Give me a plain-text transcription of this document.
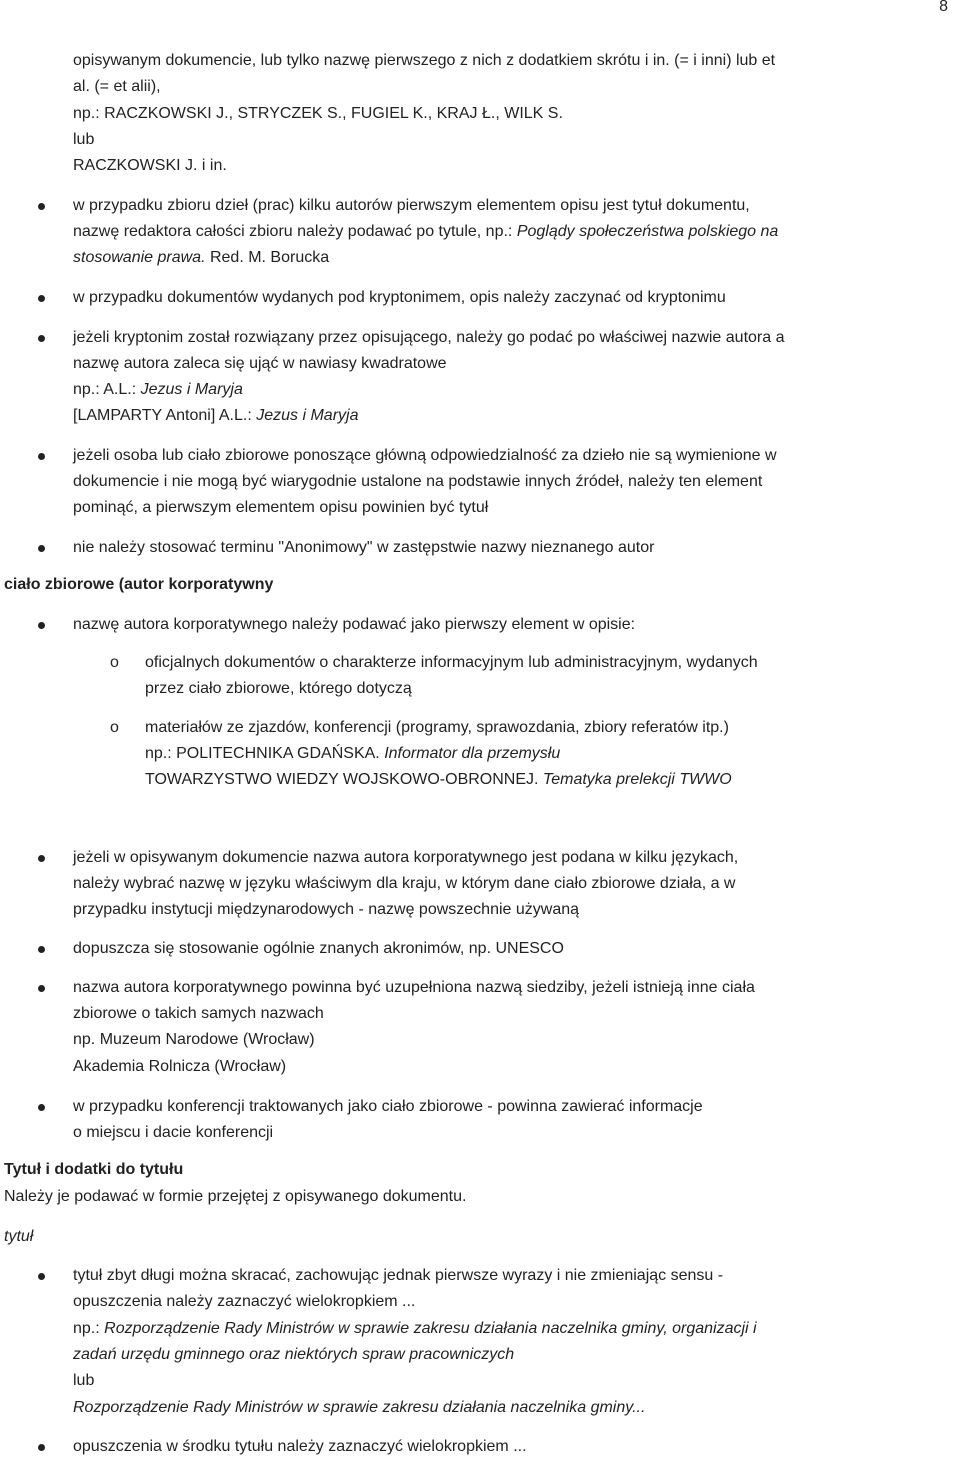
8
opisywanym dokumencie, lub tylko nazwę pierwszego z nich z dodatkiem skrótu i in. (= i inni) lub et
al. (= et alii),
np.: RACZKOWSKI J., STRYCZEK S., FUGIEL K., KRAJ Ł., WILK S.
lub
RACZKOWSKI J. i in.
w przypadku zbioru dzieł (prac) kilku autorów pierwszym elementem opisu jest tytuł dokumentu,
nazwę redaktora całości zbioru należy podawać po tytule, np.: Poglądy społeczeństwa polskiego na
stosowanie prawa. Red. M. Borucka
w przypadku dokumentów wydanych pod kryptonimem, opis należy zaczynać od kryptonimu
jeżeli kryptonim został rozwiązany przez opisującego, należy go podać po właściwej nazwie autora a
nazwę autora zaleca się ująć w nawiasy kwadratowe
np.: A.L.: Jezus i Maryja
[LAMPARTY Antoni] A.L.: Jezus i Maryja
jeżeli osoba lub ciało zbiorowe ponoszące główną odpowiedzialność za dzieło nie są wymienione w
dokumencie i nie mogą być wiarygodnie ustalone na podstawie innych źródeł, należy ten element
pominąć, a pierwszym elementem opisu powinien być tytuł
nie należy stosować terminu "Anonimowy" w zastępstwie nazwy nieznanego autor
ciało zbiorowe (autor korporatywny
nazwę autora korporatywnego należy podawać jako pierwszy element w opisie:
oficjalnych dokumentów o charakterze informacyjnym lub administracyjnym, wydanych
przez ciało zbiorowe, którego dotyczą
materiałów ze zjazdów, konferencji (programy, sprawozdania, zbiory referatów itp.)
np.: POLITECHNIKA GDAŃSKA. Informator dla przemysłu
TOWARZYSTWO WIEDZY WOJSKOWO-OBRONNEJ. Tematyka prelekcji TWWO
jeżeli w opisywanym dokumencie nazwa autora korporatywnego jest podana w kilku językach,
należy wybrać nazwę w języku właściwym dla kraju, w którym dane ciało zbiorowe działa, a w
przypadku instytucji międzynarodowych - nazwę powszechnie używaną
dopuszcza się stosowanie ogólnie znanych akronimów, np. UNESCO
nazwa autora korporatywnego powinna być uzupełniona nazwą siedziby, jeżeli istnieją inne ciała
zbiorowe o takich samych nazwach
np. Muzeum Narodowe (Wrocław)
Akademia Rolnicza (Wrocław)
w przypadku konferencji traktowanych jako ciało zbiorowe - powinna zawierać informacje
o miejscu i dacie konferencji
Tytuł i dodatki do tytułu
Należy je podawać w formie przejętej z opisywanego dokumentu.
tytuł
tytuł zbyt długi można skracać, zachowując jednak pierwsze wyrazy i nie zmieniając sensu -
opuszczenia należy zaznaczyć wielokropkiem ...
np.: Rozporządzenie Rady Ministrów w sprawie zakresu działania naczelnika gminy, organizacji i
zadań urzędu gminnego oraz niektórych spraw pracowniczych
lub
Rozporządzenie Rady Ministrów w sprawie zakresu działania naczelnika gminy...
opuszczenia w środku tytułu należy zaznaczyć wielokropkiem ...
o
o
